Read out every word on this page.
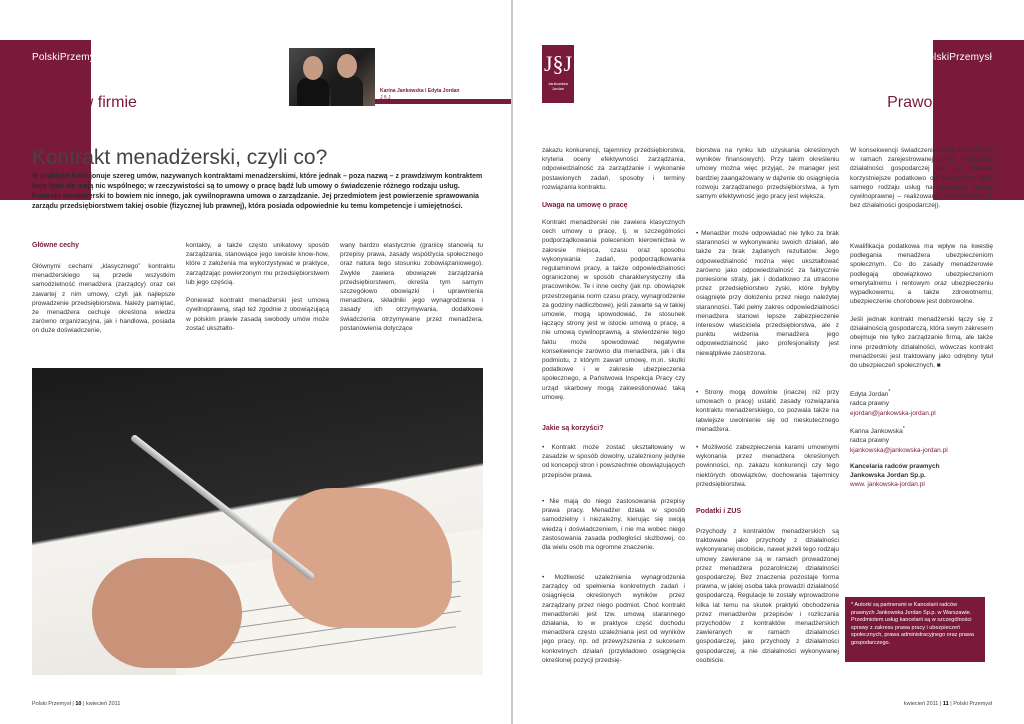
PolskiPrzemysł
Prawo w firmie
Karina Jankowska i Edyta Jordan
J § J
Kontrakt menadżerski, czyli co?

W praktyce funkcjonuje szereg umów, nazywanych kontraktami menadżerskimi, które jednak – poza nazwą – z prawdziwym kontraktem tego typu nie mają nic wspólnego; w rzeczywistości są to umowy o pracę bądź lub umowy o świadczenie różnego rodzaju usług. Kontrakt menadżerski to bowiem nic innego, jak cywilnoprawna umowa o zarządzanie. Jej przedmiotem jest powierzenie sprawowania zarządu przedsiębiorstwem takiej osobie (fizycznej lub prawnej), która posiada odpowiednie ku temu kompetencje i umiejętności.

Główne cechy
Głównymi cechami „klasycznego” kontraktu menadżerskiego są przede wszystkim samodzielność menadżera (zarządcy) oraz cel zawartej z nim umowy, czyli jak najlepsze prowadzenie przedsiębiorstwa. Należy pamiętać, że menadżera cechuje określona wiedza zarówno organizacyjna, jak i handlowa, posiada on duże doświadczenie,
kontakty, a także często unikatowy sposób zarządzania, stanowiące jego swoiste know-how, które z założenia ma wykorzystywać w praktyce, zarządzając powierzonym mu przedsiębiorstwem lub jego częścią.

Ponieważ kontrakt menadżerski jest umową cywilnoprawną, stąd też zgodnie z obowiązującą w polskim prawie zasadą swobody umów może zostać ukształto-
wany bardzo elastycznie (granicę stanowią tu przepisy prawa, zasady współżycia społecznego oraz natura tego stosunku zobowiązaniowego). Zwykle zawiera obowiązek zarządzania przedsiębiorstwem, określa tym samym szczegółowo obowiązki i uprawnienia menadżera, składniki jego wynagrodzenia i zasady ich otrzymywania, dodatkowe świadczenia otrzymywane przez menadżera, postanowienia dotyczące
Polski Przemysł | 10 | kwiecień 2011
J§J
Jankowska Jordan
PolskiPrzemysł
Prawo w firmie
zakazu konkurencji, tajemnicy przedsiębiorstwa, kryteria oceny efektywności zarządzania, odpowiedzialność za zarządzanie i wykonanie postawionych zadań, sposoby i terminy rozwiązania kontraktu.
Uwaga na umowę o pracę
Kontrakt menadżerski nie zawiera klasycznych cech umowy o pracę, tj. w szczególności podporządkowania poleceniom kierownictwa w zakresie miejsca, czasu oraz sposobu wykonywania zadań, podporządkowania regulaminowi pracy, a także odpowiedzialności ograniczonej w sposób charakterystyczny dla pracowników. Te i inne cechy (jak np. obowiązek przestrzegania norm czasu pracy, wynagrodzenie za godziny nadliczbowe), jeśli zawarte są w takiej umowie, mogą spowodować, że stosunek łączący strony jest w istocie umową o pracę, a nie umową cywilnoprawną, a stwierdzenie tego faktu może spowodować negatywne konsekwencje zarówno dla menadżera, jak i dla podmiotu, z którym zawarł umowę, m.in. skutki podatkowe i w zakresie ubezpieczenia społecznego, a Państwowa Inspekcja Pracy czy urząd skarbowy mogą zakwestionować taką umowę.
Jakie są korzyści?
• Kontrakt może zostać ukształtowany w zasadzie w sposób dowolny, uzależniony jedynie od koncepcji stron i powszechnie obowiązujących przepisów prawa.
• Nie mają do niego zastosowania przepisy prawa pracy. Menadżer działa w sposób samodzielny i niezależny, kierując się swoją wiedzą i doświadczeniem, i nie ma wobec niego zastosowania zasada podległości służbowej, co dla wielu osób ma ogromne znaczenie.
• Możliwość uzależnienia wynagrodzenia zarządcy od spełnienia konkretnych zadań i osiągnięcia określonych wyników przez zarządzany przez niego podmiot. Choć kontrakt menadżerski jest tzw. umową starannego działania, to w praktyce część dochodu menadżera często uzależniana jest od wyników jego pracy, np. od przewyższenia z sukcesem konkretnych działań (przykładowo osiągnięcia określonej pozycji przedsię-
biorstwa na rynku lub uzyskania określonych wyników finansowych). Przy takim określeniu umowy można więc przyjąć, że manager jest bardziej zaangażowany w dążenie do osiągnięcia rozwoju zarządzanego przedsiębiorstwa, a tym samym efektywność jego pracy jest większa.
• Menadżer może odpowiadać nie tylko za brak staranności w wykonywaniu swoich działań, ale także za brak żądanych rezultatów. Jego odpowiedzialność można więc ukształtować zarówno jako odpowiedzialność za faktycznie poniesione straty, jak i dodatkowo za utracone przez przedsiębiorstwo zyski, które byłyby osiągnięte przy dołożeniu przez niego należytej staranności. Taki pełny zakres odpowiedzialności menadżera stanowi lepsze zabezpieczenie interesów właściciela przedsiębiorstwa, ale z punktu widzenia menadżera jego odpowiedzialność jako profesjonalisty jest niewątpliwie zaostrzona.
• Strony mogą dowolnie (inaczej niż przy umowach o pracę) ustalić zasady rozwiązania kontraktu menadżerskiego, co pozwala także na łatwiejsze uwolnienie się od nieskutecznego menadżera.
• Możliwość zabezpieczenia karami umownymi wykonania przez menadżera określonych powinności, np. zakazu konkurencji czy tego niektórych obowiązków, dochowania tajemnicy przedsiębiorstwa.
Podatki i ZUS
Przychody z kontraktów menadżerskich są traktowane jako przychody z działalności wykonywanej osobiście, nawet jeżeli tego rodzaju umowy zawierane są w ramach prowadzonej przez menadżera pozarolniczej działalności gospodarczej. Bez znaczenia pozostaje forma prawna, w jakiej osoba taka prowadzi działalność gospodarczą. Regulacje te zostały wprowadzone kilka lat temu na skutek praktyki obchodzenia przez menadżerów przepisów i rozliczania przychodów z kontraktów menadżerskich zawieranych w ramach działalności gospodarczej, jako przychody z działalności gospodarczej, a nie działalności wykonywanej osobiście.
W konsekwencji świadczenie usług zarządzania w ramach zarejestrowanej przez menadżera działalności gospodarczej nie jest obecnie korzystniejsze podatkowo od świadczenia tego samego rodzaju usług na podstawie umowy cywilnoprawnej – realizowanej indywidualnie (tj. bez działalności gospodarczej).
Kwalifikacja podatkowa ma wpływ na kwestię podlegania menadżera ubezpieczeniom społecznym. Co do zasady menadżerowie podlegają obowiązkowo ubezpieczeniom emerytalnemu i rentowym oraz ubezpieczeniu wypadkowemu, a także zdrowotnemu; ubezpieczenie chorobowe jest dobrowolne.
Jeśli jednak kontrakt menadżerski łączy się z działalnością gospodarczą, która swym zakresem obejmuje nie tylko zarządzanie firmą, ale także inne przedmioty działalności, wówczas kontrakt menadżerski jest traktowany jako odrębny tytuł do ubezpieczeń społecznych. ■
Edyta Jordan*
radca prawny
ejordan@jankowska-jordan.pl
Karina Jankowska*
radca prawny
kjankowska@jankowska-jordan.pl
Kancelaria radców prawnych
Jankowska Jordan Sp.p.
www. jankowska-jordan.pl
kwiecień 2011 | 11 | Polski Przemysł
* Autorki są partnerami w Kancelarii radców prawnych Jankowska Jordan Sp.p. w Warszawie. Przedmiotem usług kancelarii są w szczególności sprawy z zakresu prawa pracy i ubezpieczeń społecznych, prawa administracyjnego oraz prawa gospodarczego.
